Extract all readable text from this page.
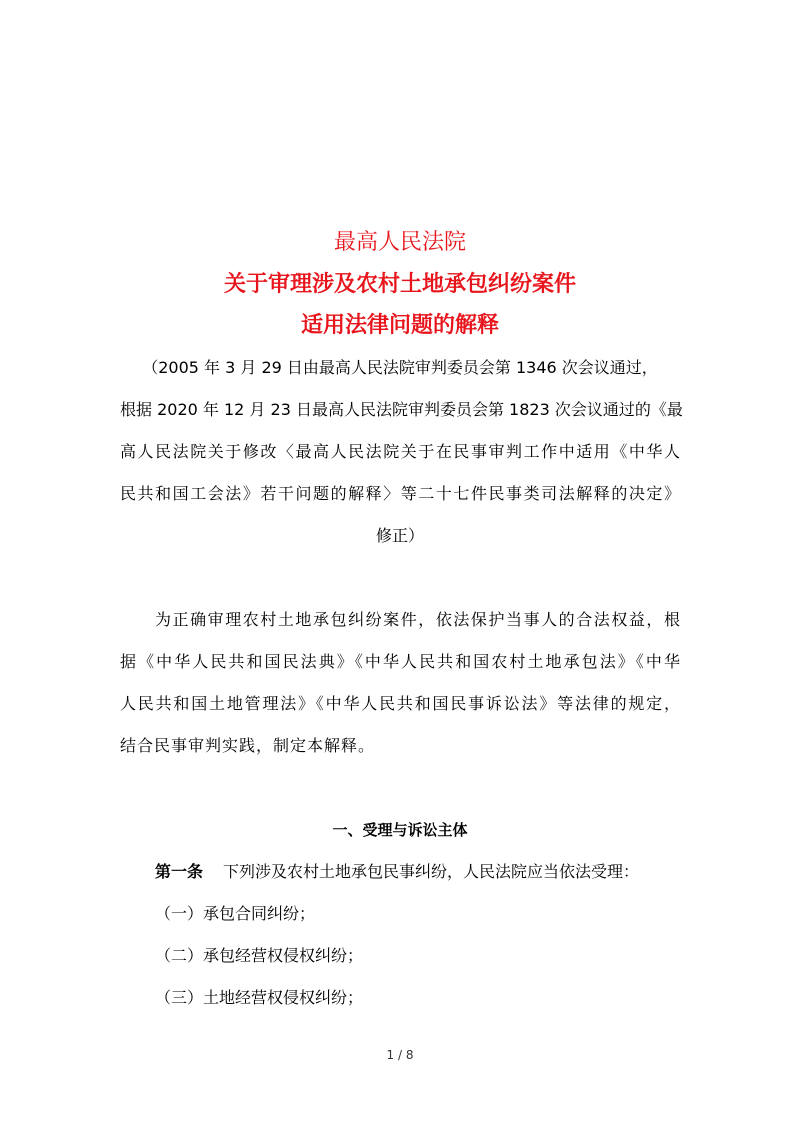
最高人民法院
关于审理涉及农村土地承包纠纷案件
适用法律问题的解释
（2005 年 3 月 29 日由最高人民法院审判委员会第 1346 次会议通过，
根据 2020 年 12 月 23 日最高人民法院审判委员会第 1823 次会议通过的《最
高人民法院关于修改〈最高人民法院关于在民事审判工作中适用《中华人
民共和国工会法》若干问题的解释〉等二十七件民事类司法解释的决定》
修正）
为正确审理农村土地承包纠纷案件，依法保护当事人的合法权益，根
据《中华人民共和国民法典》《中华人民共和国农村土地承包法》《中华
人民共和国土地管理法》《中华人民共和国民事诉讼法》等法律的规定，
结合民事审判实践，制定本解释。
一、受理与诉讼主体
第一条 下列涉及农村土地承包民事纠纷，人民法院应当依法受理：
（一）承包合同纠纷；
（二）承包经营权侵权纠纷；
（三）土地经营权侵权纠纷；
1 / 8
